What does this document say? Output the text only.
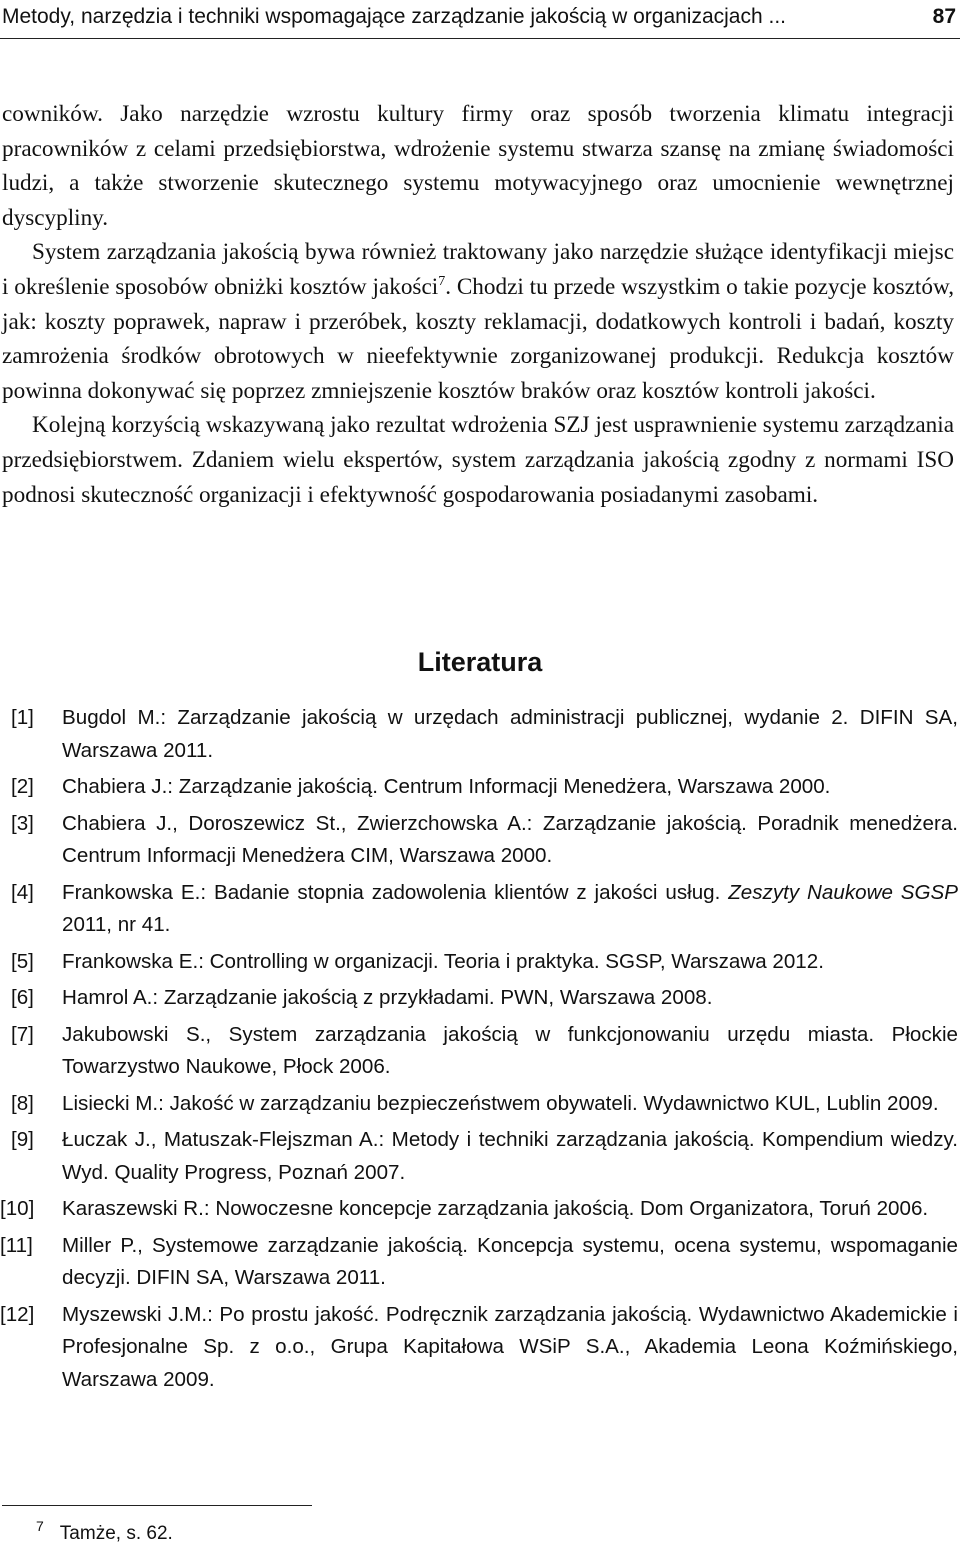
Metody, narzędzia i techniki wspomagające zarządzanie jakością w organizacjach ...	87

cowników. Jako narzędzie wzrostu kultury firmy oraz sposób tworzenia klimatu integracji pracowników z celami przedsiębiorstwa, wdrożenie systemu stwarza szansę na zmianę świadomości ludzi, a także stworzenie skutecznego systemu motywacyjnego oraz umocnienie wewnętrznej dyscypliny.

System zarządzania jakością bywa również traktowany jako narzędzie służące identyfikacji miejsc i określenie sposobów obniżki kosztów jakości$^7$. Chodzi tu przede wszystkim o takie pozycje kosztów, jak: koszty poprawek, napraw i przeróbek, koszty reklamacji, dodatkowych kontroli i badań, koszty zamrożenia środków obrotowych w nieefektywnie zorganizowanej produkcji. Redukcja kosztów powinna dokonywać się poprzez zmniejszenie kosztów braków oraz kosztów kontroli jakości.

Kolejną korzyścią wskazywaną jako rezultat wdrożenia SZJ jest usprawnienie systemu zarządzania przedsiębiorstwem. Zdaniem wielu ekspertów, system zarządzania jakością zgodny z normami ISO podnosi skuteczność organizacji i efektywność gospodarowania posiadanymi zasobami.

Literatura
[1]	Bugdol M.: Zarządzanie jakością w urzędach administracji publicznej, wydanie 2. DIFIN SA, Warszawa 2011.
[2]	Chabiera J.: Zarządzanie jakością. Centrum Informacji Menedżera, Warszawa 2000.
[3]	Chabiera J., Doroszewicz St., Zwierzchowska A.: Zarządzanie jakością. Poradnik menedżera. Centrum Informacji Menedżera CIM, Warszawa 2000.
[4]	Frankowska E.: Badanie stopnia zadowolenia klientów z jakości usług. Zeszyty Naukowe SGSP 2011, nr 41.
[5]	Frankowska E.: Controlling w organizacji. Teoria i praktyka. SGSP, Warszawa 2012.
[6]	Hamrol A.: Zarządzanie jakością z przykładami. PWN, Warszawa 2008.
[7]	Jakubowski S., System zarządzania jakością w funkcjonowaniu urzędu miasta. Płockie Towarzystwo Naukowe, Płock 2006.
[8]	Lisiecki M.: Jakość w zarządzaniu bezpieczeństwem obywateli. Wydawnictwo KUL, Lublin 2009.
[9]	Łuczak J., Matuszak-Flejszman A.: Metody i techniki zarządzania jakością. Kompendium wiedzy. Wyd. Quality Progress, Poznań 2007.
[10]	Karaszewski R.: Nowoczesne koncepcje zarządzania jakością. Dom Organizatora, Toruń 2006.
[11]	Miller P., Systemowe zarządzanie jakością. Koncepcja systemu, ocena systemu, wspomaganie decyzji. DIFIN SA, Warszawa 2011.
[12]	Myszewski J.M.: Po prostu jakość. Podręcznik zarządzania jakością. Wydawnictwo Akademickie i Profesjonalne Sp. z o.o., Grupa Kapitałowa WSiP S.A., Akademia Leona Koźmińskiego, Warszawa 2009.
$^7$ Tamże, s. 62.
